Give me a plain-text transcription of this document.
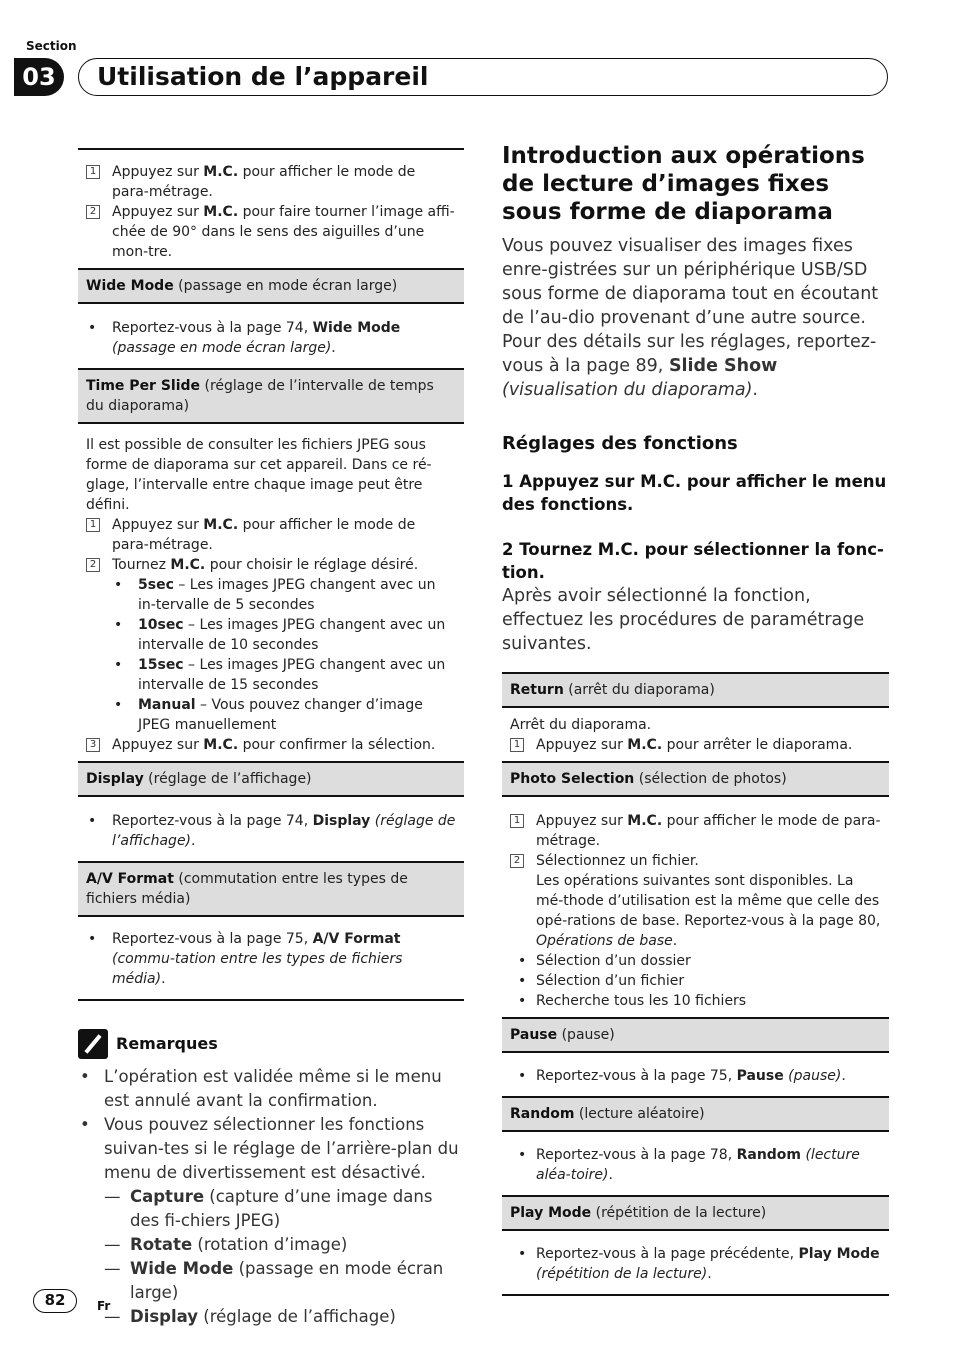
Section
03	Utilisation de l’appareil
1 Appuyez sur M.C. pour afficher le mode de para-métrage.
2 Appuyez sur M.C. pour faire tourner l’image affi-chée de 90° dans le sens des aiguilles d’une mon-tre.
Wide Mode (passage en mode écran large)
•	Reportez-vous à la page 74, Wide Mode (passage en mode écran large).
Time Per Slide (réglage de l’intervalle de temps du diaporama)
Il est possible de consulter les fichiers JPEG sous forme de diaporama sur cet appareil. Dans ce ré-glage, l’intervalle entre chaque image peut être défini.
1 Appuyez sur M.C. pour afficher le mode de para-métrage.
2 Tournez M.C. pour choisir le réglage désiré.
•	5sec – Les images JPEG changent avec un in-tervalle de 5 secondes
•	10sec – Les images JPEG changent avec un intervalle de 10 secondes
•	15sec – Les images JPEG changent avec un intervalle de 15 secondes
•	Manual – Vous pouvez changer d’image JPEG manuellement
3 Appuyez sur M.C. pour confirmer la sélection.
Display (réglage de l’affichage)
•	Reportez-vous à la page 74, Display (réglage de l’affichage).
A/V Format (commutation entre les types de fichiers média)
•	Reportez-vous à la page 75, A/V Format (commu-tation entre les types de fichiers média).
Remarques
• L’opération est validée même si le menu est annulé avant la confirmation.
• Vous pouvez sélectionner les fonctions suivan-tes si le réglage de l’arrière-plan du menu de divertissement est désactivé.
— Capture (capture d’une image dans des fi-chiers JPEG)
— Rotate (rotation d’image)
— Wide Mode (passage en mode écran large)
— Display (réglage de l’affichage)
Introduction aux opérations de lecture d’images fixes sous forme de diaporama
Vous pouvez visualiser des images fixes enre-gistrées sur un périphérique USB/SD sous forme de diaporama tout en écoutant de l’au-dio provenant d’une autre source.
Pour des détails sur les réglages, reportez-vous à la page 89, Slide Show (visualisation du diaporama).
Réglages des fonctions
1 Appuyez sur M.C. pour afficher le menu des fonctions.
2 Tournez M.C. pour sélectionner la fonc-tion.
Après avoir sélectionné la fonction, effectuez les procédures de paramétrage suivantes.
Return (arrêt du diaporama)
Arrêt du diaporama.
1 Appuyez sur M.C. pour arrêter le diaporama.
Photo Selection (sélection de photos)
1 Appuyez sur M.C. pour afficher le mode de para-métrage.
2 Sélectionnez un fichier.
Les opérations suivantes sont disponibles. La mé-thode d’utilisation est la même que celle des opé-rations de base. Reportez-vous à la page 80, Opérations de base.
• Sélection d’un dossier
• Sélection d’un fichier
• Recherche tous les 10 fichiers
Pause (pause)
• Reportez-vous à la page 75, Pause (pause).
Random (lecture aléatoire)
• Reportez-vous à la page 78, Random (lecture aléa-toire).
Play Mode (répétition de la lecture)
• Reportez-vous à la page précédente, Play Mode (répétition de la lecture).
82	Fr
